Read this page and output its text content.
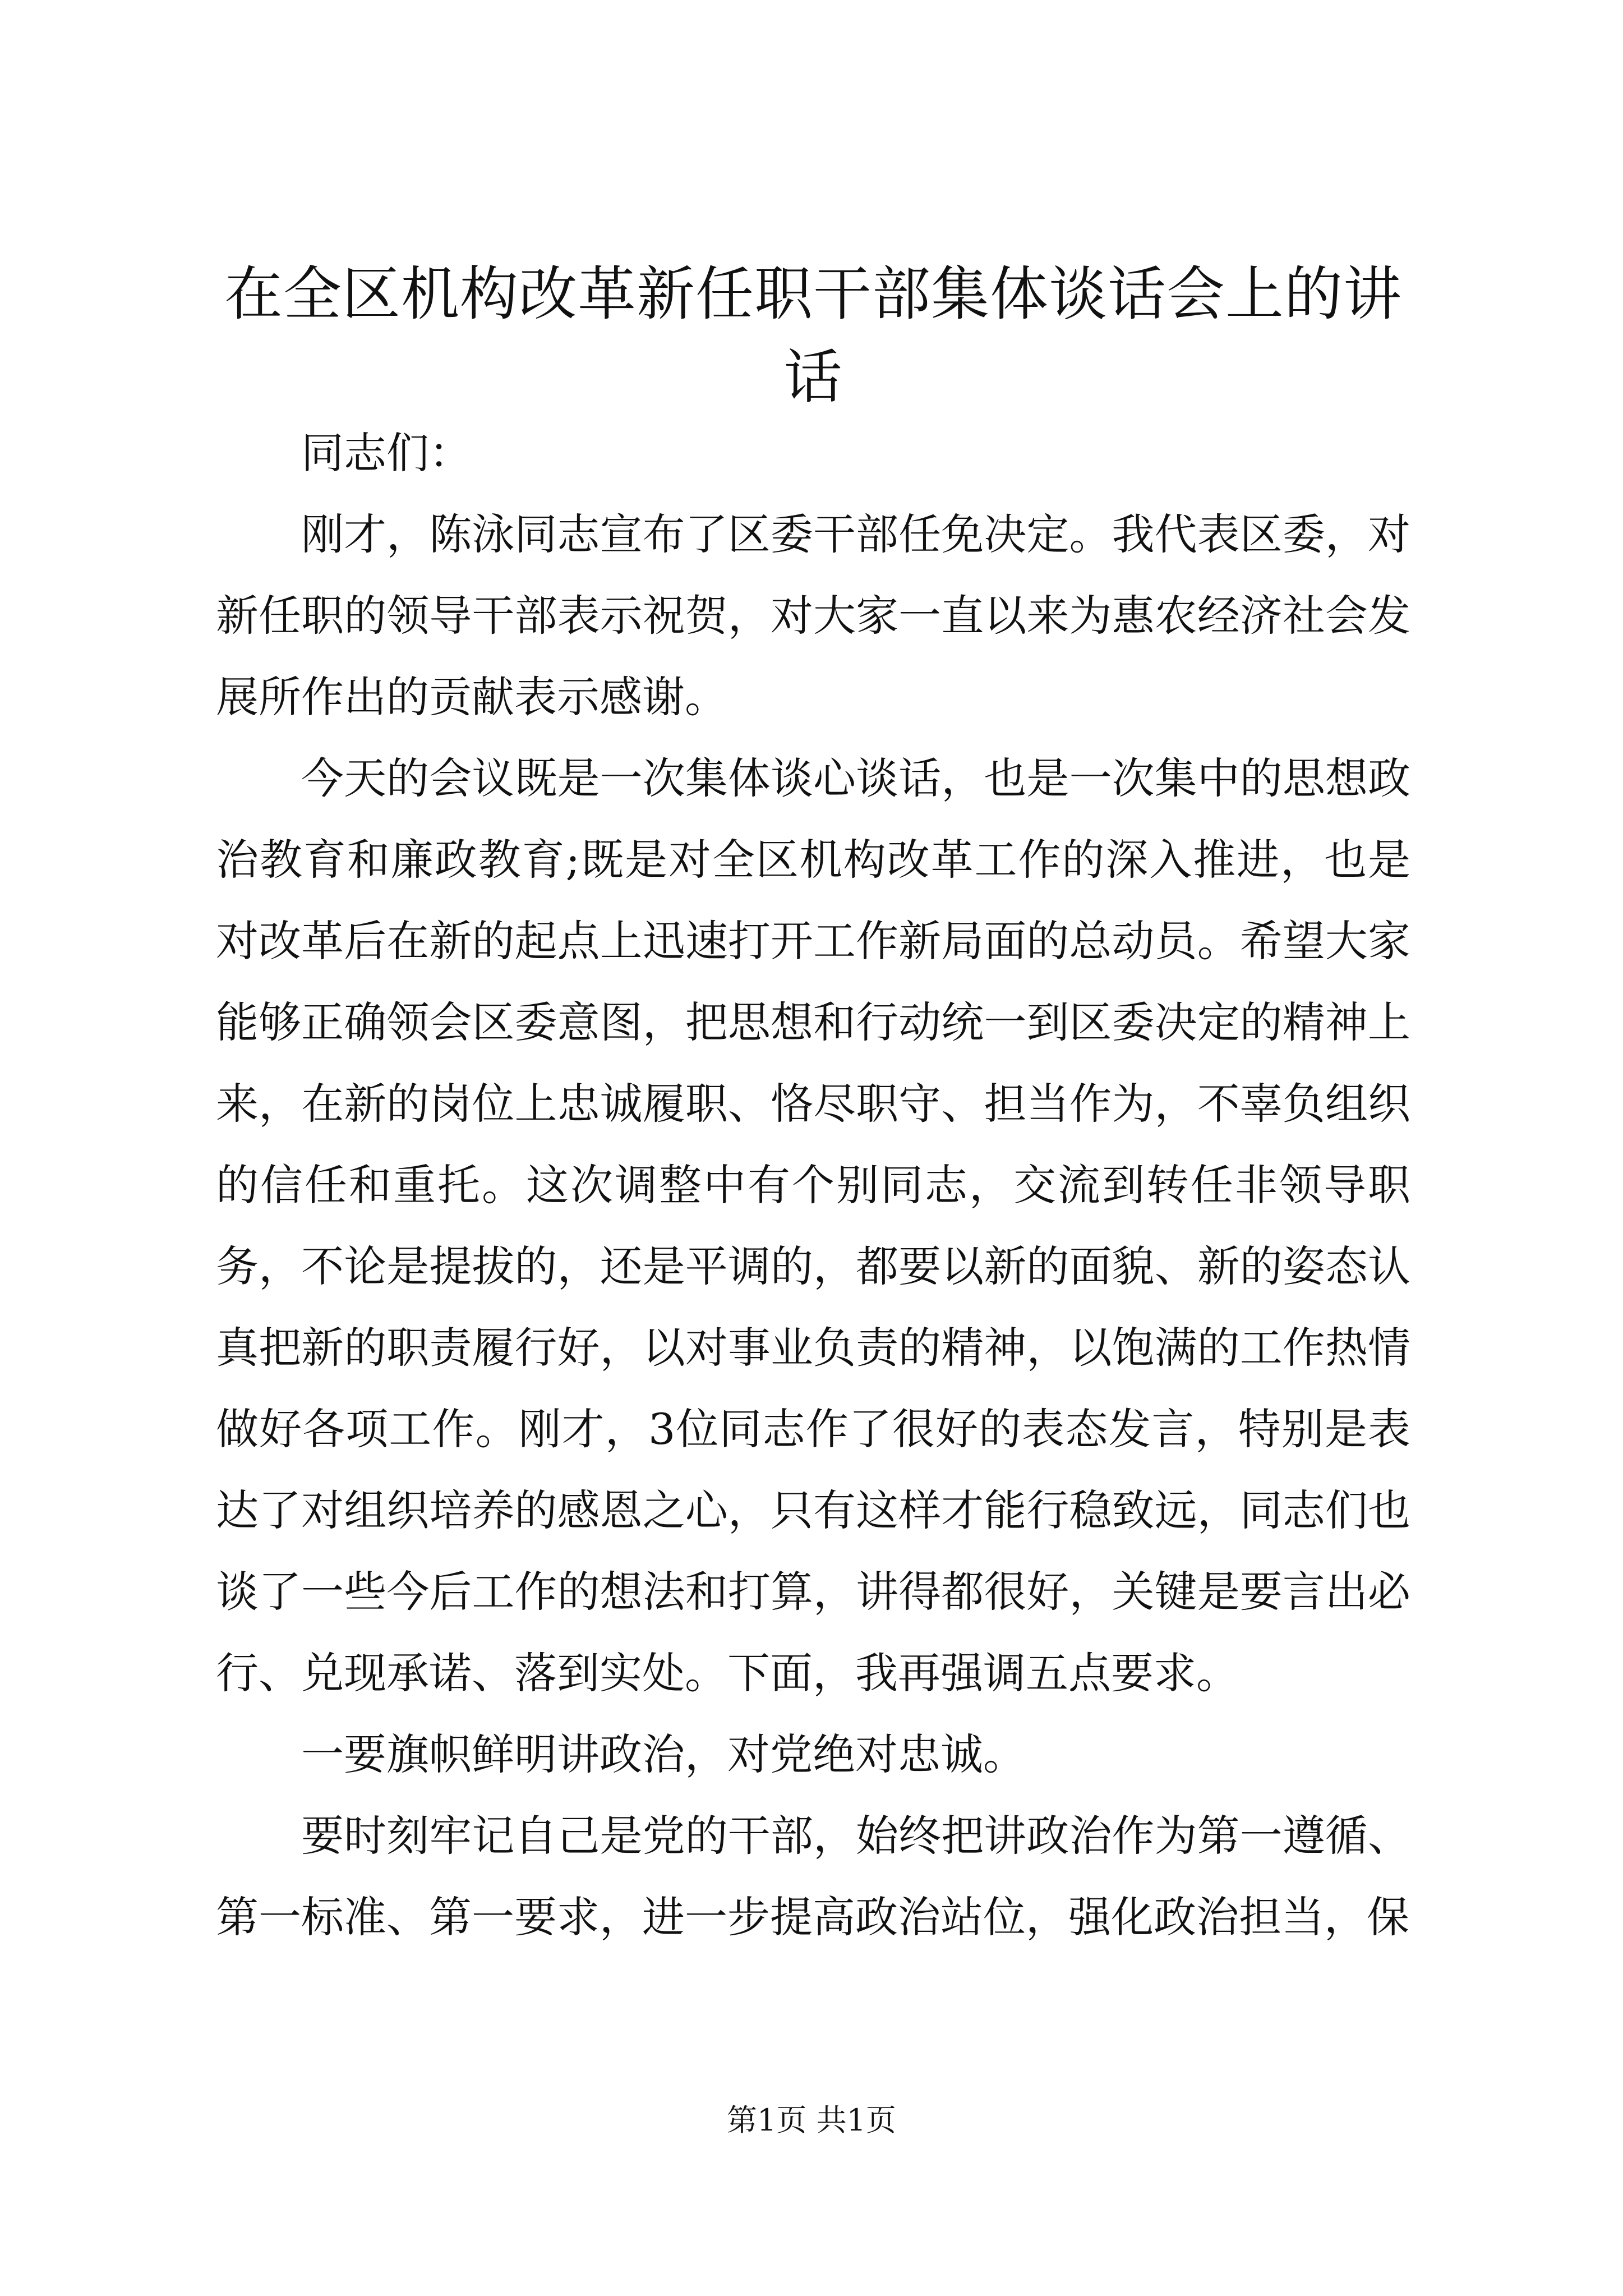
在全区机构改革新任职干部集体谈话会上的讲话

同志们：

刚才，陈泳同志宣布了区委干部任免决定。我代表区委，对新任职的领导干部表示祝贺，对大家一直以来为惠农经济社会发展所作出的贡献表示感谢。

今天的会议既是一次集体谈心谈话，也是一次集中的思想政治教育和廉政教育;既是对全区机构改革工作的深入推进，也是对改革后在新的起点上迅速打开工作新局面的总动员。希望大家能够正确领会区委意图，把思想和行动统一到区委决定的精神上来，在新的岗位上忠诚履职、恪尽职守、担当作为，不辜负组织的信任和重托。这次调整中有个别同志，交流到转任非领导职务，不论是提拔的，还是平调的，都要以新的面貌、新的姿态认真把新的职责履行好，以对事业负责的精神，以饱满的工作热情做好各项工作。刚才，3位同志作了很好的表态发言，特别是表达了对组织培养的感恩之心，只有这样才能行稳致远，同志们也谈了一些今后工作的想法和打算，讲得都很好，关键是要言出必行、兑现承诺、落到实处。下面，我再强调五点要求。

一要旗帜鲜明讲政治，对党绝对忠诚。

要时刻牢记自己是党的干部，始终把讲政治作为第一遵循、第一标准、第一要求，进一步提高政治站位，强化政治担当，保

第1页 共1页
